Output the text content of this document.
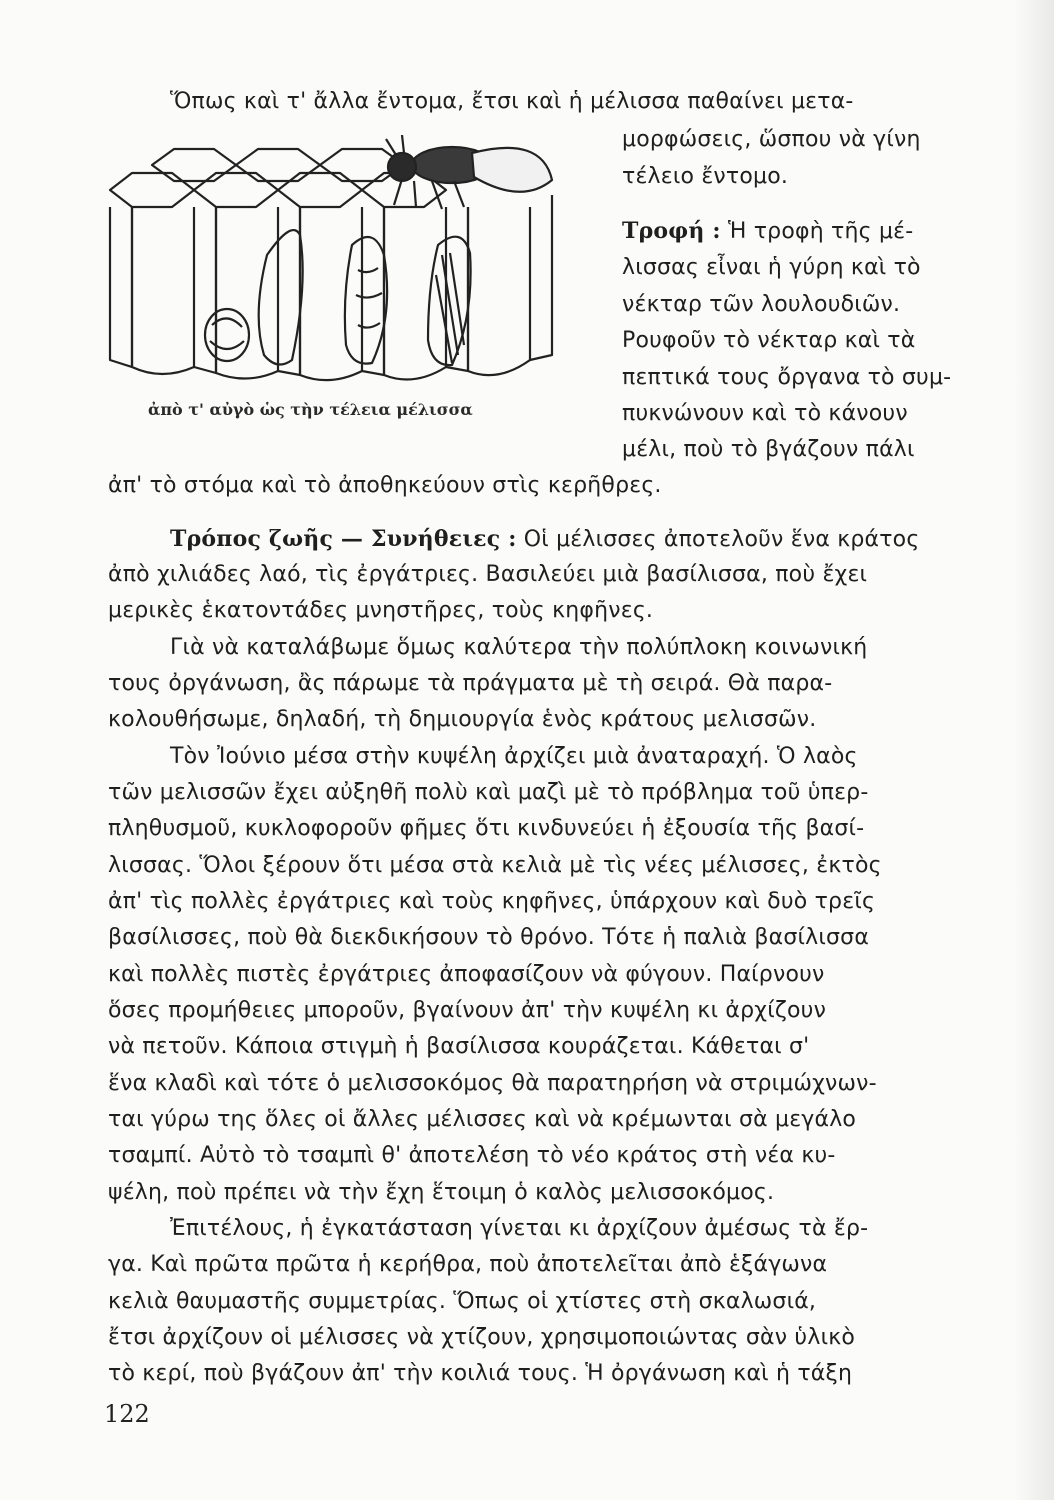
Ὅπως καὶ τ' ἄλλα ἔντομα, ἔτσι καὶ ἡ μέλισσα παθαίνει μετα-
μορφώσεις, ὥσπου νὰ γίνη
τέλειο ἔντομο.
Τροφή : Ἡ τροφὴ τῆς μέ-
λισσας εἶναι ἡ γύρη καὶ τὸ
νέκταρ τῶν λουλουδιῶν.
Ρουφοῦν τὸ νέκταρ καὶ τὰ
πεπτικά τους ὄργανα τὸ συμ-
πυκνώνουν καὶ τὸ κάνουν
μέλι, ποὺ τὸ βγάζουν πάλι
ἀπ' τὸ στόμα καὶ τὸ ἀποθηκεύουν στὶς κερῆθρες.
ἀπὸ τ' αὐγὸ ὡς τὴν τέλεια μέλισσα
Τρόπος ζωῆς — Συνήθειες : Οἱ μέλισσες ἀποτελοῦν ἕνα κράτος
ἀπὸ χιλιάδες λαό, τὶς ἐργάτριες. Βασιλεύει μιὰ βασίλισσα, ποὺ ἔχει
μερικὲς ἑκατοντάδες μνηστῆρες, τοὺς κηφῆνες.
Γιὰ νὰ καταλάβωμε ὅμως καλύτερα τὴν πολύπλοκη κοινωνική
τους ὀργάνωση, ἂς πάρωμε τὰ πράγματα μὲ τὴ σειρά. Θὰ παρα-
κολουθήσωμε, δηλαδή, τὴ δημιουργία ἑνὸς κράτους μελισσῶν.
Τὸν Ἰούνιο μέσα στὴν κυψέλη ἀρχίζει μιὰ ἀναταραχή. Ὁ λαὸς
τῶν μελισσῶν ἔχει αὐξηθῆ πολὺ καὶ μαζὶ μὲ τὸ πρόβλημα τοῦ ὑπερ-
πληθυσμοῦ, κυκλοφοροῦν φῆμες ὅτι κινδυνεύει ἡ ἐξουσία τῆς βασί-
λισσας. Ὅλοι ξέρουν ὅτι μέσα στὰ κελιὰ μὲ τὶς νέες μέλισσες, ἐκτὸς
ἀπ' τὶς πολλὲς ἐργάτριες καὶ τοὺς κηφῆνες, ὑπάρχουν καὶ δυὸ τρεῖς
βασίλισσες, ποὺ θὰ διεκδικήσουν τὸ θρόνο. Τότε ἡ παλιὰ βασίλισσα
καὶ πολλὲς πιστὲς ἐργάτριες ἀποφασίζουν νὰ φύγουν. Παίρνουν
ὅσες προμήθειες μποροῦν, βγαίνουν ἀπ' τὴν κυψέλη κι ἀρχίζουν
νὰ πετοῦν. Κάποια στιγμὴ ἡ βασίλισσα κουράζεται. Κάθεται σ'
ἕνα κλαδὶ καὶ τότε ὁ μελισσοκόμος θὰ παρατηρήση νὰ στριμώχνων-
ται γύρω της ὅλες οἱ ἄλλες μέλισσες καὶ νὰ κρέμωνται σὰ μεγάλο
τσαμπί. Αὐτὸ τὸ τσαμπὶ θ' ἀποτελέση τὸ νέο κράτος στὴ νέα κυ-
ψέλη, ποὺ πρέπει νὰ τὴν ἔχη ἕτοιμη ὁ καλὸς μελισσοκόμος.
Ἐπιτέλους, ἡ ἐγκατάσταση γίνεται κι ἀρχίζουν ἀμέσως τὰ ἔρ-
γα. Καὶ πρῶτα πρῶτα ἡ κερήθρα, ποὺ ἀποτελεῖται ἀπὸ ἑξάγωνα
κελιὰ θαυμαστῆς συμμετρίας. Ὅπως οἱ χτίστες στὴ σκαλωσιά,
ἔτσι ἀρχίζουν οἱ μέλισσες νὰ χτίζουν, χρησιμοποιώντας σὰν ὑλικὸ
τὸ κερί, ποὺ βγάζουν ἀπ' τὴν κοιλιά τους. Ἡ ὀργάνωση καὶ ἡ τάξη
122
